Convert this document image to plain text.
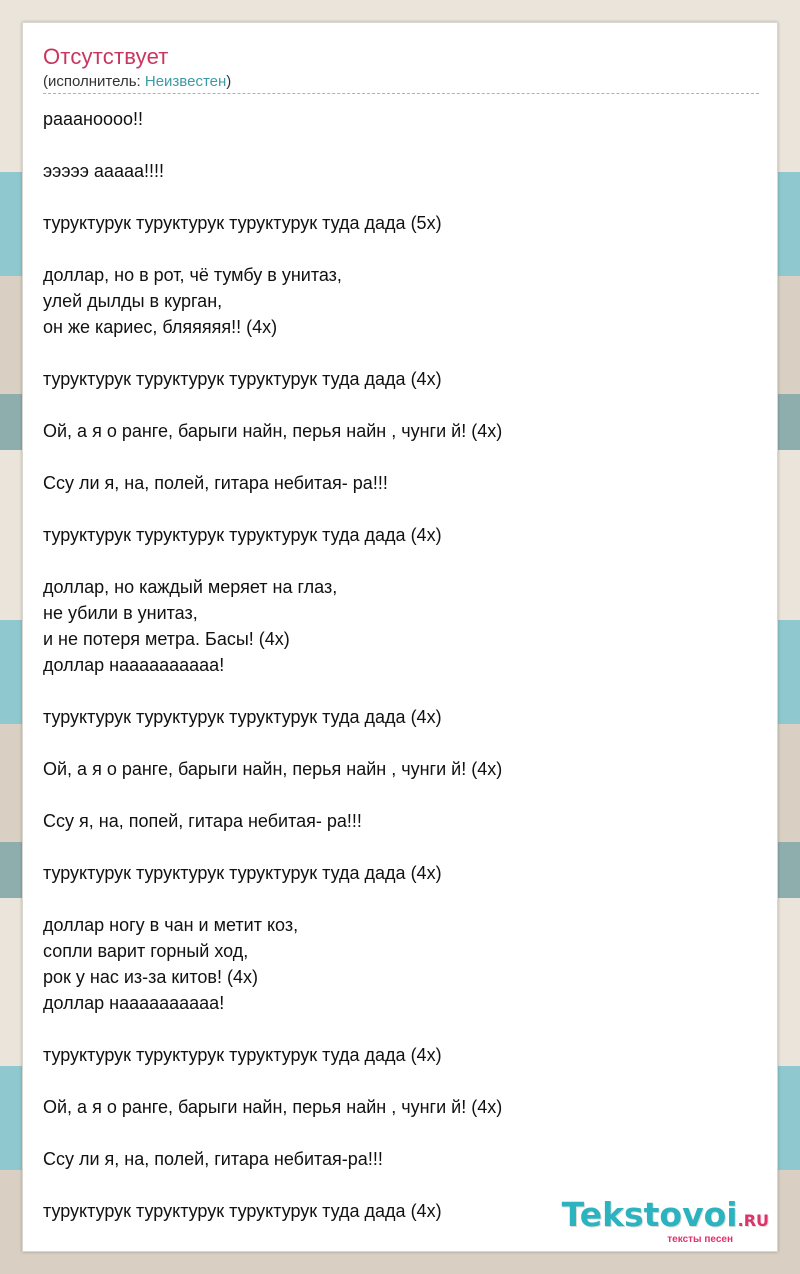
Отсутствует
(исполнитель: Неизвестен)
рааанoooo!!
эээээ ааааа!!!!
туруктурук туруктурук туруктурук туда дада (5x)
доллар, но в рот, чё тумбу в унитаз,
улей дылды в курган,
он же кариес, бляяяяя!! (4x)
туруктурук туруктурук туруктурук туда дада (4x)
Ой, а я о ранге, барыги найн, перья найн , чунги й! (4x)
Ссу ли я, на, полей, гитара небитая- ра!!!
туруктурук туруктурук туруктурук туда дада (4x)
доллар, но каждый меряет на глаз,
не убили в унитаз,
и не потеря метра. Басы! (4x)
доллар наааааааааа!
туруктурук туруктурук туруктурук туда дада (4x)
Ой, а я о ранге, барыги найн, перья найн , чунги й! (4x)
Ссу я, на, попей, гитара небитая- ра!!!
туруктурук туруктурук туруктурук туда дада (4x)
доллар ногу в чан и метит коз,
сопли варит горный ход,
рок у нас из-за китов! (4x)
доллар наааааааааа!
туруктурук туруктурук туруктурук туда дада (4x)
Ой, а я о ранге, барыги найн, перья найн , чунги й! (4x)
Ссу ли я, на, полей, гитара небитая-ра!!!
туруктурук туруктурук туруктурук туда дада (4x)	Tekstovoi.RU
тексты песен
